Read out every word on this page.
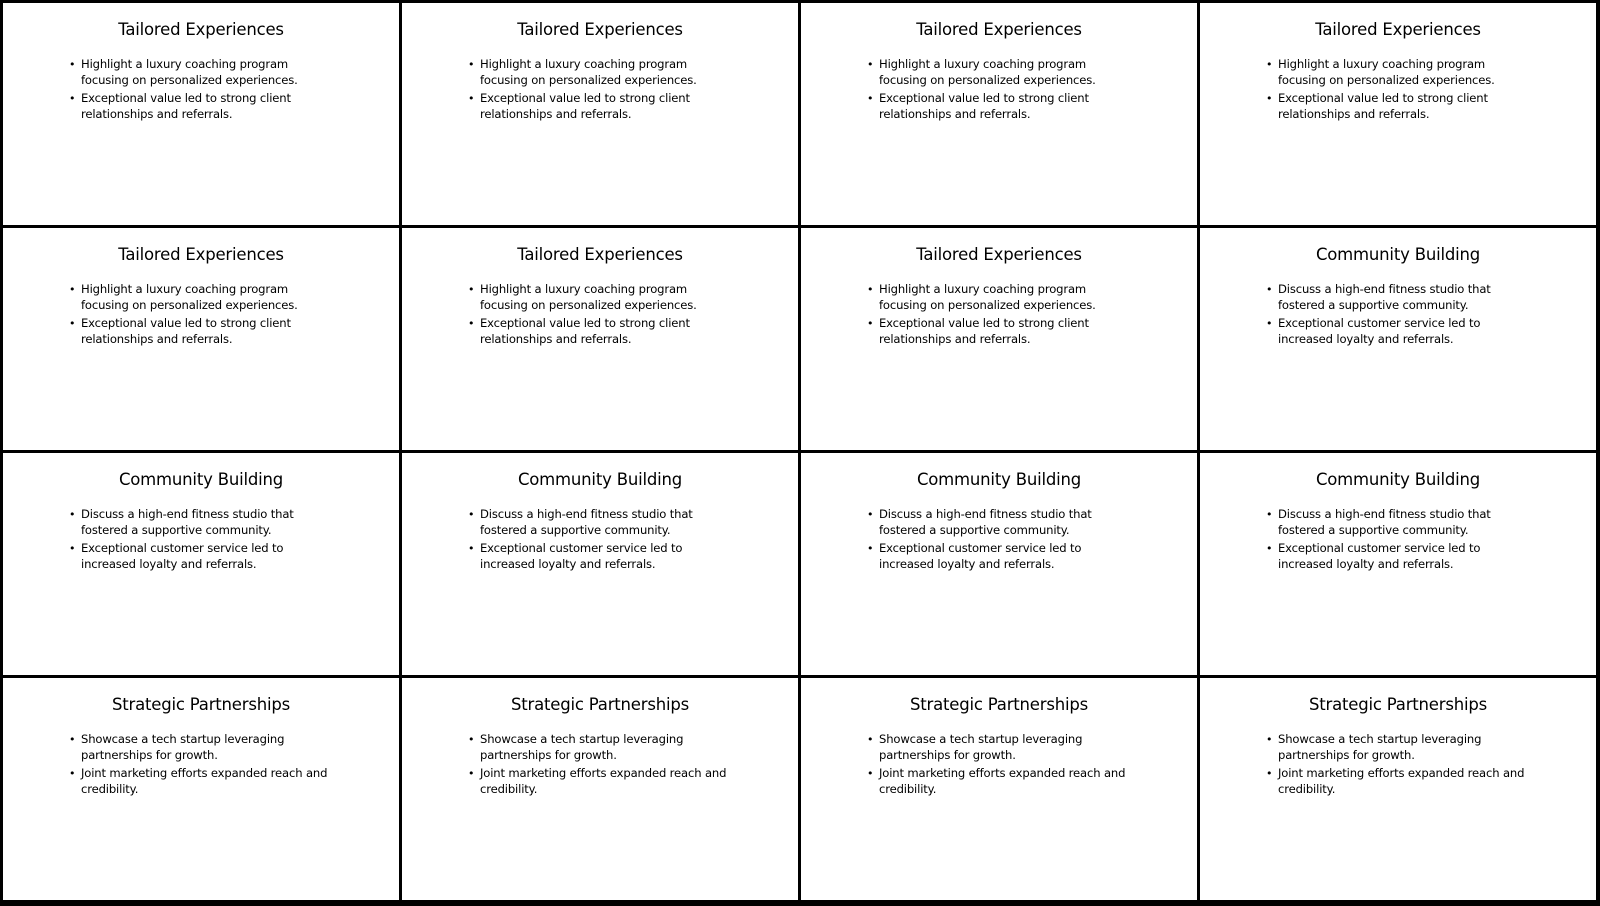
Tailored Experiences
• Highlight a luxury coaching program focusing on personalized experiences.
• Exceptional value led to strong client relationships and referrals.
Tailored Experiences
• Highlight a luxury coaching program focusing on personalized experiences.
• Exceptional value led to strong client relationships and referrals.
Tailored Experiences
• Highlight a luxury coaching program focusing on personalized experiences.
• Exceptional value led to strong client relationships and referrals.
Tailored Experiences
• Highlight a luxury coaching program focusing on personalized experiences.
• Exceptional value led to strong client relationships and referrals.
Tailored Experiences
• Highlight a luxury coaching program focusing on personalized experiences.
• Exceptional value led to strong client relationships and referrals.
Tailored Experiences
• Highlight a luxury coaching program focusing on personalized experiences.
• Exceptional value led to strong client relationships and referrals.
Tailored Experiences
• Highlight a luxury coaching program focusing on personalized experiences.
• Exceptional value led to strong client relationships and referrals.
Community Building
• Discuss a high-end fitness studio that fostered a supportive community.
• Exceptional customer service led to increased loyalty and referrals.
Community Building
• Discuss a high-end fitness studio that fostered a supportive community.
• Exceptional customer service led to increased loyalty and referrals.
Community Building
• Discuss a high-end fitness studio that fostered a supportive community.
• Exceptional customer service led to increased loyalty and referrals.
Community Building
• Discuss a high-end fitness studio that fostered a supportive community.
• Exceptional customer service led to increased loyalty and referrals.
Community Building
• Discuss a high-end fitness studio that fostered a supportive community.
• Exceptional customer service led to increased loyalty and referrals.
Strategic Partnerships
• Showcase a tech startup leveraging partnerships for growth.
• Joint marketing efforts expanded reach and credibility.
Strategic Partnerships
• Showcase a tech startup leveraging partnerships for growth.
• Joint marketing efforts expanded reach and credibility.
Strategic Partnerships
• Showcase a tech startup leveraging partnerships for growth.
• Joint marketing efforts expanded reach and credibility.
Strategic Partnerships
• Showcase a tech startup leveraging partnerships for growth.
• Joint marketing efforts expanded reach and credibility.
